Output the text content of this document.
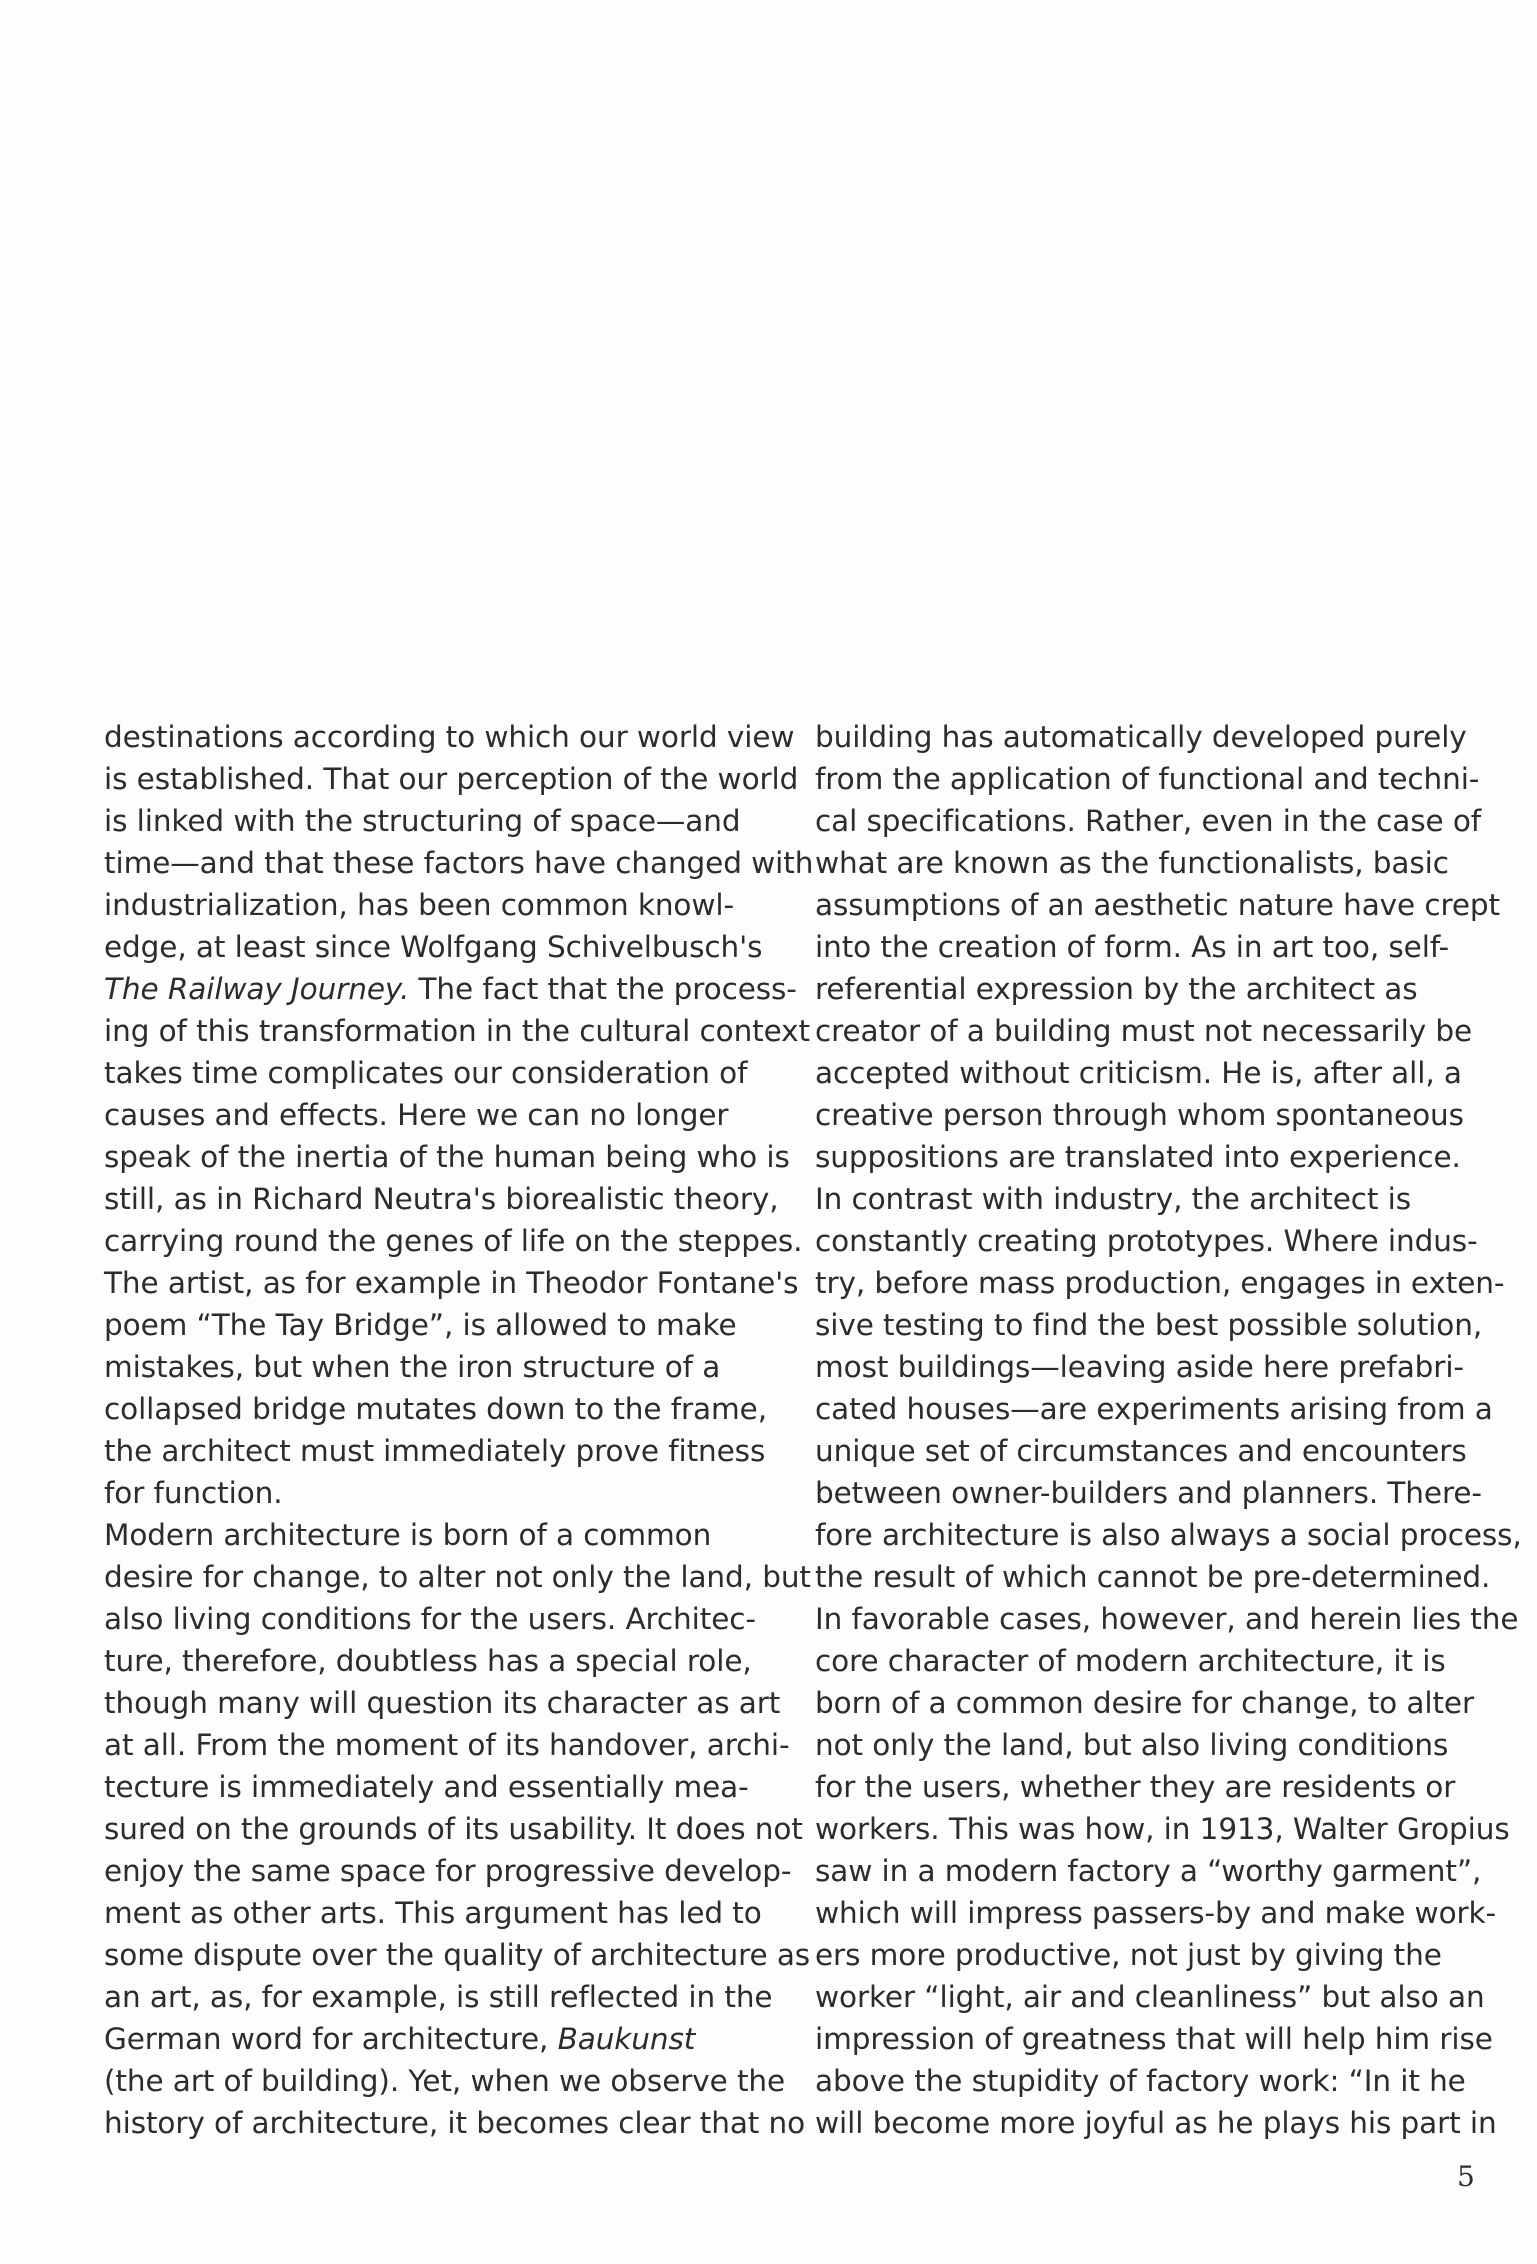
destinations according to which our world view
is established. That our perception of the world
is linked with the structuring of space—and
time—and that these factors have changed with
industrialization, has been common knowl-
edge, at least since Wolfgang Schivelbusch's
The Railway Journey. The fact that the process-
ing of this transformation in the cultural context
takes time complicates our consideration of
causes and effects. Here we can no longer
speak of the inertia of the human being who is
still, as in Richard Neutra's biorealistic theory,
carrying round the genes of life on the steppes.
The artist, as for example in Theodor Fontane's
poem “The Tay Bridge”, is allowed to make
mistakes, but when the iron structure of a
collapsed bridge mutates down to the frame,
the architect must immediately prove fitness
for function.
Modern architecture is born of a common
desire for change, to alter not only the land, but
also living conditions for the users. Architec-
ture, therefore, doubtless has a special role,
though many will question its character as art
at all. From the moment of its handover, archi-
tecture is immediately and essentially mea-
sured on the grounds of its usability. It does not
enjoy the same space for progressive develop-
ment as other arts. This argument has led to
some dispute over the quality of architecture as
an art, as, for example, is still reflected in the
German word for architecture, Baukunst
(the art of building). Yet, when we observe the
history of architecture, it becomes clear that no
building has automatically developed purely
from the application of functional and techni-
cal specifications. Rather, even in the case of
what are known as the functionalists, basic
assumptions of an aesthetic nature have crept
into the creation of form. As in art too, self-
referential expression by the architect as
creator of a building must not necessarily be
accepted without criticism. He is, after all, a
creative person through whom spontaneous
suppositions are translated into experience.
In contrast with industry, the architect is
constantly creating prototypes. Where indus-
try, before mass production, engages in exten-
sive testing to find the best possible solution,
most buildings—leaving aside here prefabri-
cated houses—are experiments arising from a
unique set of circumstances and encounters
between owner-builders and planners. There-
fore architecture is also always a social process,
the result of which cannot be pre-determined.
In favorable cases, however, and herein lies the
core character of modern architecture, it is
born of a common desire for change, to alter
not only the land, but also living conditions
for the users, whether they are residents or
workers. This was how, in 1913, Walter Gropius
saw in a modern factory a “worthy garment”,
which will impress passers-by and make work-
ers more productive, not just by giving the
worker “light, air and cleanliness” but also an
impression of greatness that will help him rise
above the stupidity of factory work: “In it he
will become more joyful as he plays his part in
5
